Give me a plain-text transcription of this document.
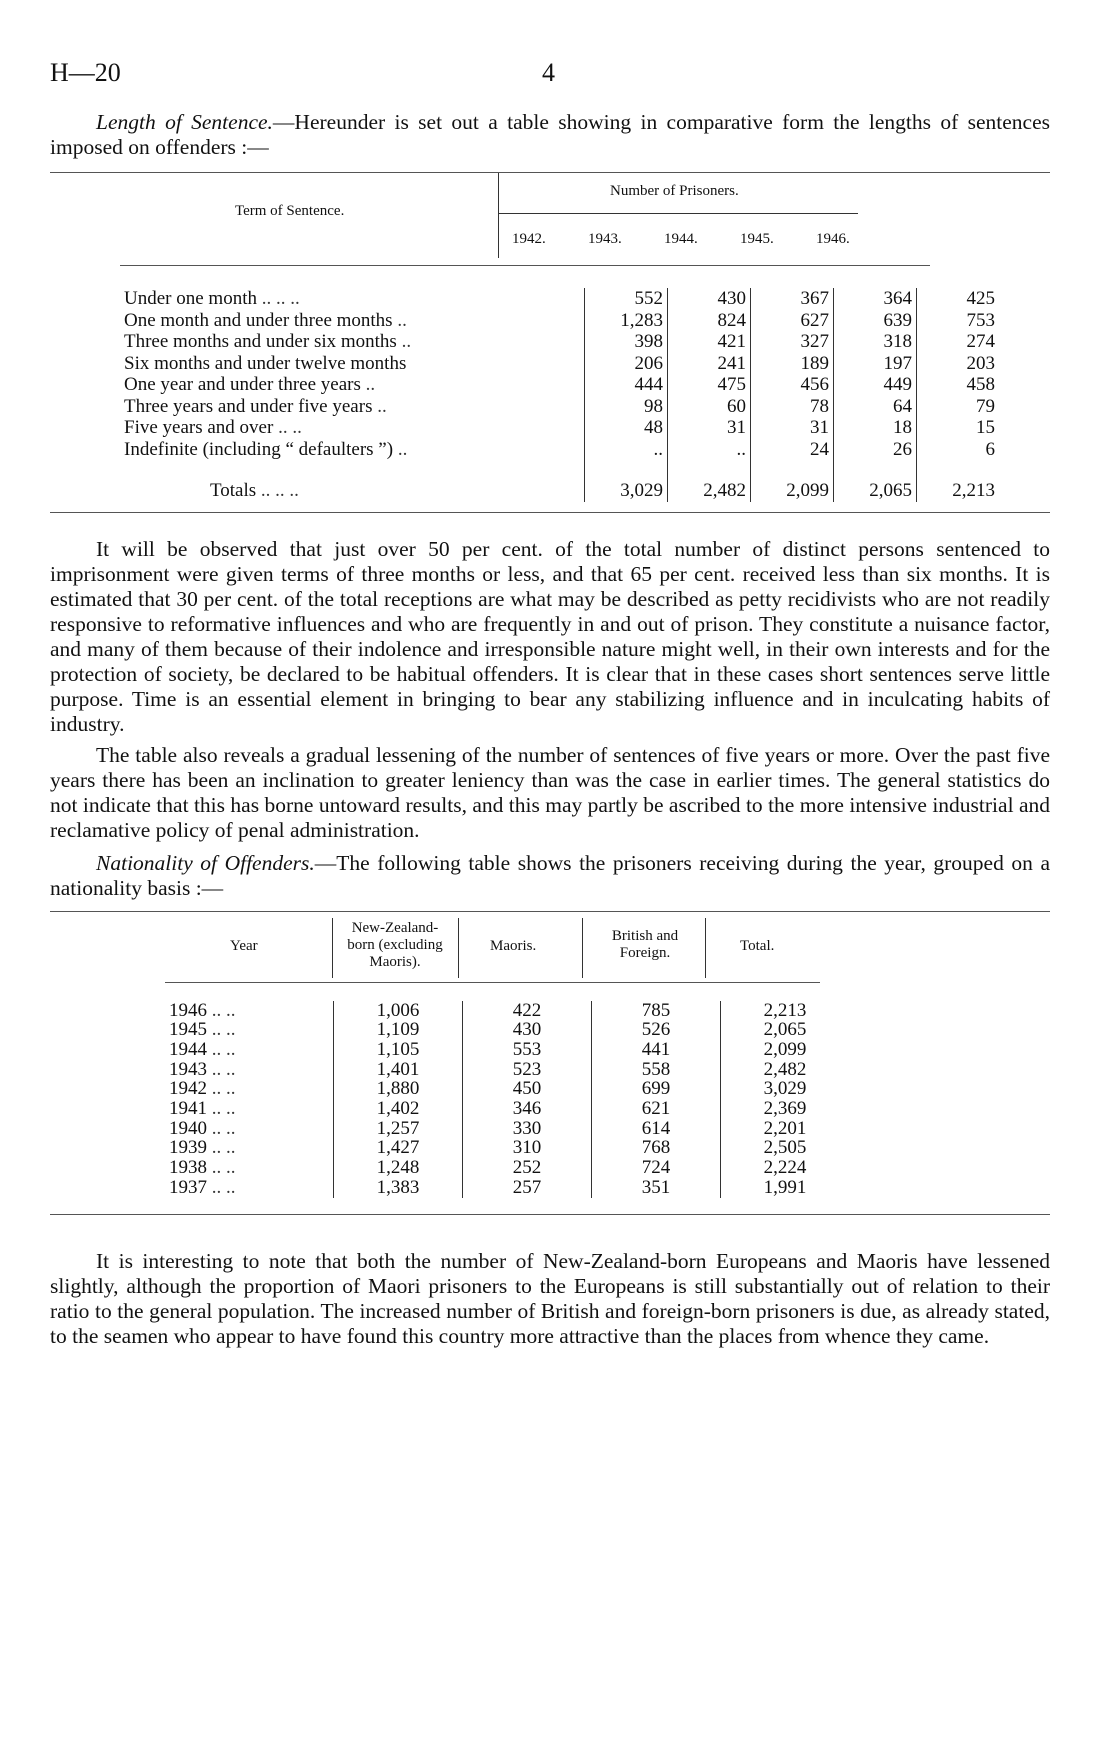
H—20	4

Length of Sentence.—Hereunder is set out a table showing in comparative form the lengths of sentences imposed on offenders :—

Term of Sentence.
Number of Prisoners.
1942.	1943.	1944.	1945.	1946.
Under one month .. .. ..	552	430	367	364	425
One month and under three months ..	1,283	824	627	639	753
Three months and under six months ..	398	421	327	318	274
Six months and under twelve months	206	241	189	197	203
One year and under three years ..	444	475	456	449	458
Three years and under five years ..	98	60	78	64	79
Five years and over .. ..	48	31	31	18	15
Indefinite (including “ defaulters ”) ..	..	..	24	26	6
Totals .. .. ..	3,029	2,482	2,099	2,065	2,213

It will be observed that just over 50 per cent. of the total number of distinct persons sentenced to imprisonment were given terms of three months or less, and that 65 per cent. received less than six months. It is estimated that 30 per cent. of the total receptions are what may be described as petty recidivists who are not readily responsive to reformative influences and who are frequently in and out of prison. They constitute a nuisance factor, and many of them because of their indolence and irresponsible nature might well, in their own interests and for the protection of society, be declared to be habitual offenders. It is clear that in these cases short sentences serve little purpose. Time is an essential element in bringing to bear any stabilizing influence and in inculcating habits of industry.

The table also reveals a gradual lessening of the number of sentences of five years or more. Over the past five years there has been an inclination to greater leniency than was the case in earlier times. The general statistics do not indicate that this has borne untoward results, and this may partly be ascribed to the more intensive industrial and reclamative policy of penal administration.

Nationality of Offenders.—The following table shows the prisoners receiving during the year, grouped on a nationality basis :—

Year
New-Zealand-born (excluding Maoris).
Maoris.
British and Foreign.	Total.
1946 .. ..	1,006	422	785	2,213
1945 .. ..	1,109	430	526	2,065
1944 .. ..	1,105	553	441	2,099
1943 .. ..	1,401	523	558	2,482
1942 .. ..	1,880	450	699	3,029
1941 .. ..	1,402	346	621	2,369
1940 .. ..	1,257	330	614	2,201
1939 .. ..	1,427	310	768	2,505
1938 .. ..	1,248	252	724	2,224
1937 .. ..	1,383	257	351	1,991

It is interesting to note that both the number of New-Zealand-born Europeans and Maoris have lessened slightly, although the proportion of Maori prisoners to the Europeans is still substantially out of relation to their ratio to the general population. The increased number of British and foreign-born prisoners is due, as already stated, to the seamen who appear to have found this country more attractive than the places from whence they came.
